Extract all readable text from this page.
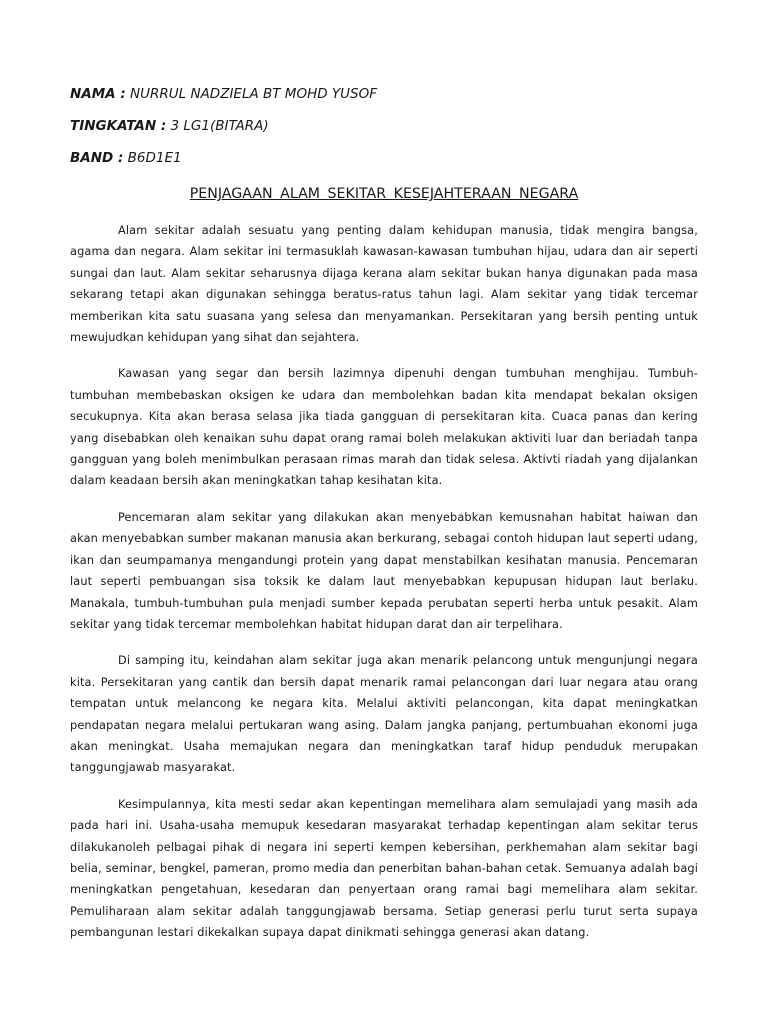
NAMA : NURRUL NADZIELA BT MOHD YUSOF
TINGKATAN : 3 LG1(BITARA)
BAND : B6D1E1
PENJAGAAN ALAM SEKITAR KESEJAHTERAAN NEGARA

Alam sekitar adalah sesuatu yang penting dalam kehidupan manusia, tidak mengira bangsa, agama dan negara. Alam sekitar ini termasuklah kawasan-kawasan tumbuhan hijau, udara dan air seperti sungai dan laut. Alam sekitar seharusnya dijaga kerana alam sekitar bukan hanya digunakan pada masa sekarang tetapi akan digunakan sehingga beratus-ratus tahun lagi. Alam sekitar yang tidak tercemar memberikan kita satu suasana yang selesa dan menyamankan. Persekitaran yang bersih penting untuk mewujudkan kehidupan yang sihat dan sejahtera.

Kawasan yang segar dan bersih lazimnya dipenuhi dengan tumbuhan menghijau. Tumbuh-tumbuhan membebaskan oksigen ke udara dan membolehkan badan kita mendapat bekalan oksigen secukupnya. Kita akan berasa selasa jika tiada gangguan di persekitaran kita. Cuaca panas dan kering yang disebabkan oleh kenaikan suhu dapat orang ramai boleh melakukan aktiviti luar dan beriadah tanpa gangguan yang boleh menimbulkan perasaan rimas marah dan tidak selesa. Aktivti riadah yang dijalankan dalam keadaan bersih akan meningkatkan tahap kesihatan kita.

Pencemaran alam sekitar yang dilakukan akan menyebabkan kemusnahan habitat haiwan dan akan menyebabkan sumber makanan manusia akan berkurang, sebagai contoh hidupan laut seperti udang, ikan dan seumpamanya mengandungi protein yang dapat menstabilkan kesihatan manusia. Pencemaran laut seperti pembuangan sisa toksik ke dalam laut menyebabkan kepupusan hidupan laut berlaku. Manakala, tumbuh-tumbuhan pula menjadi sumber kepada perubatan seperti herba untuk pesakit. Alam sekitar yang tidak tercemar membolehkan habitat hidupan darat dan air terpelihara.

Di samping itu, keindahan alam sekitar juga akan menarik pelancong untuk mengunjungi negara kita. Persekitaran yang cantik dan bersih dapat menarik ramai pelancongan dari luar negara atau orang tempatan untuk melancong ke negara kita. Melalui aktiviti pelancongan, kita dapat meningkatkan pendapatan negara melalui pertukaran wang asing. Dalam jangka panjang, pertumbuahan ekonomi juga akan meningkat. Usaha memajukan negara dan meningkatkan taraf hidup penduduk merupakan tanggungjawab masyarakat.

Kesimpulannya, kita mesti sedar akan kepentingan memelihara alam semulajadi yang masih ada pada hari ini. Usaha-usaha memupuk kesedaran masyarakat terhadap kepentingan alam sekitar terus dilakukanoleh pelbagai pihak di negara ini seperti kempen kebersihan, perkhemahan alam sekitar bagi belia, seminar, bengkel, pameran, promo media dan penerbitan bahan-bahan cetak. Semuanya adalah bagi meningkatkan pengetahuan, kesedaran dan penyertaan orang ramai bagi memelihara alam sekitar. Pemuliharaan alam sekitar adalah tanggungjawab bersama. Setiap generasi perlu turut serta supaya pembangunan lestari dikekalkan supaya dapat dinikmati sehingga generasi akan datang.
